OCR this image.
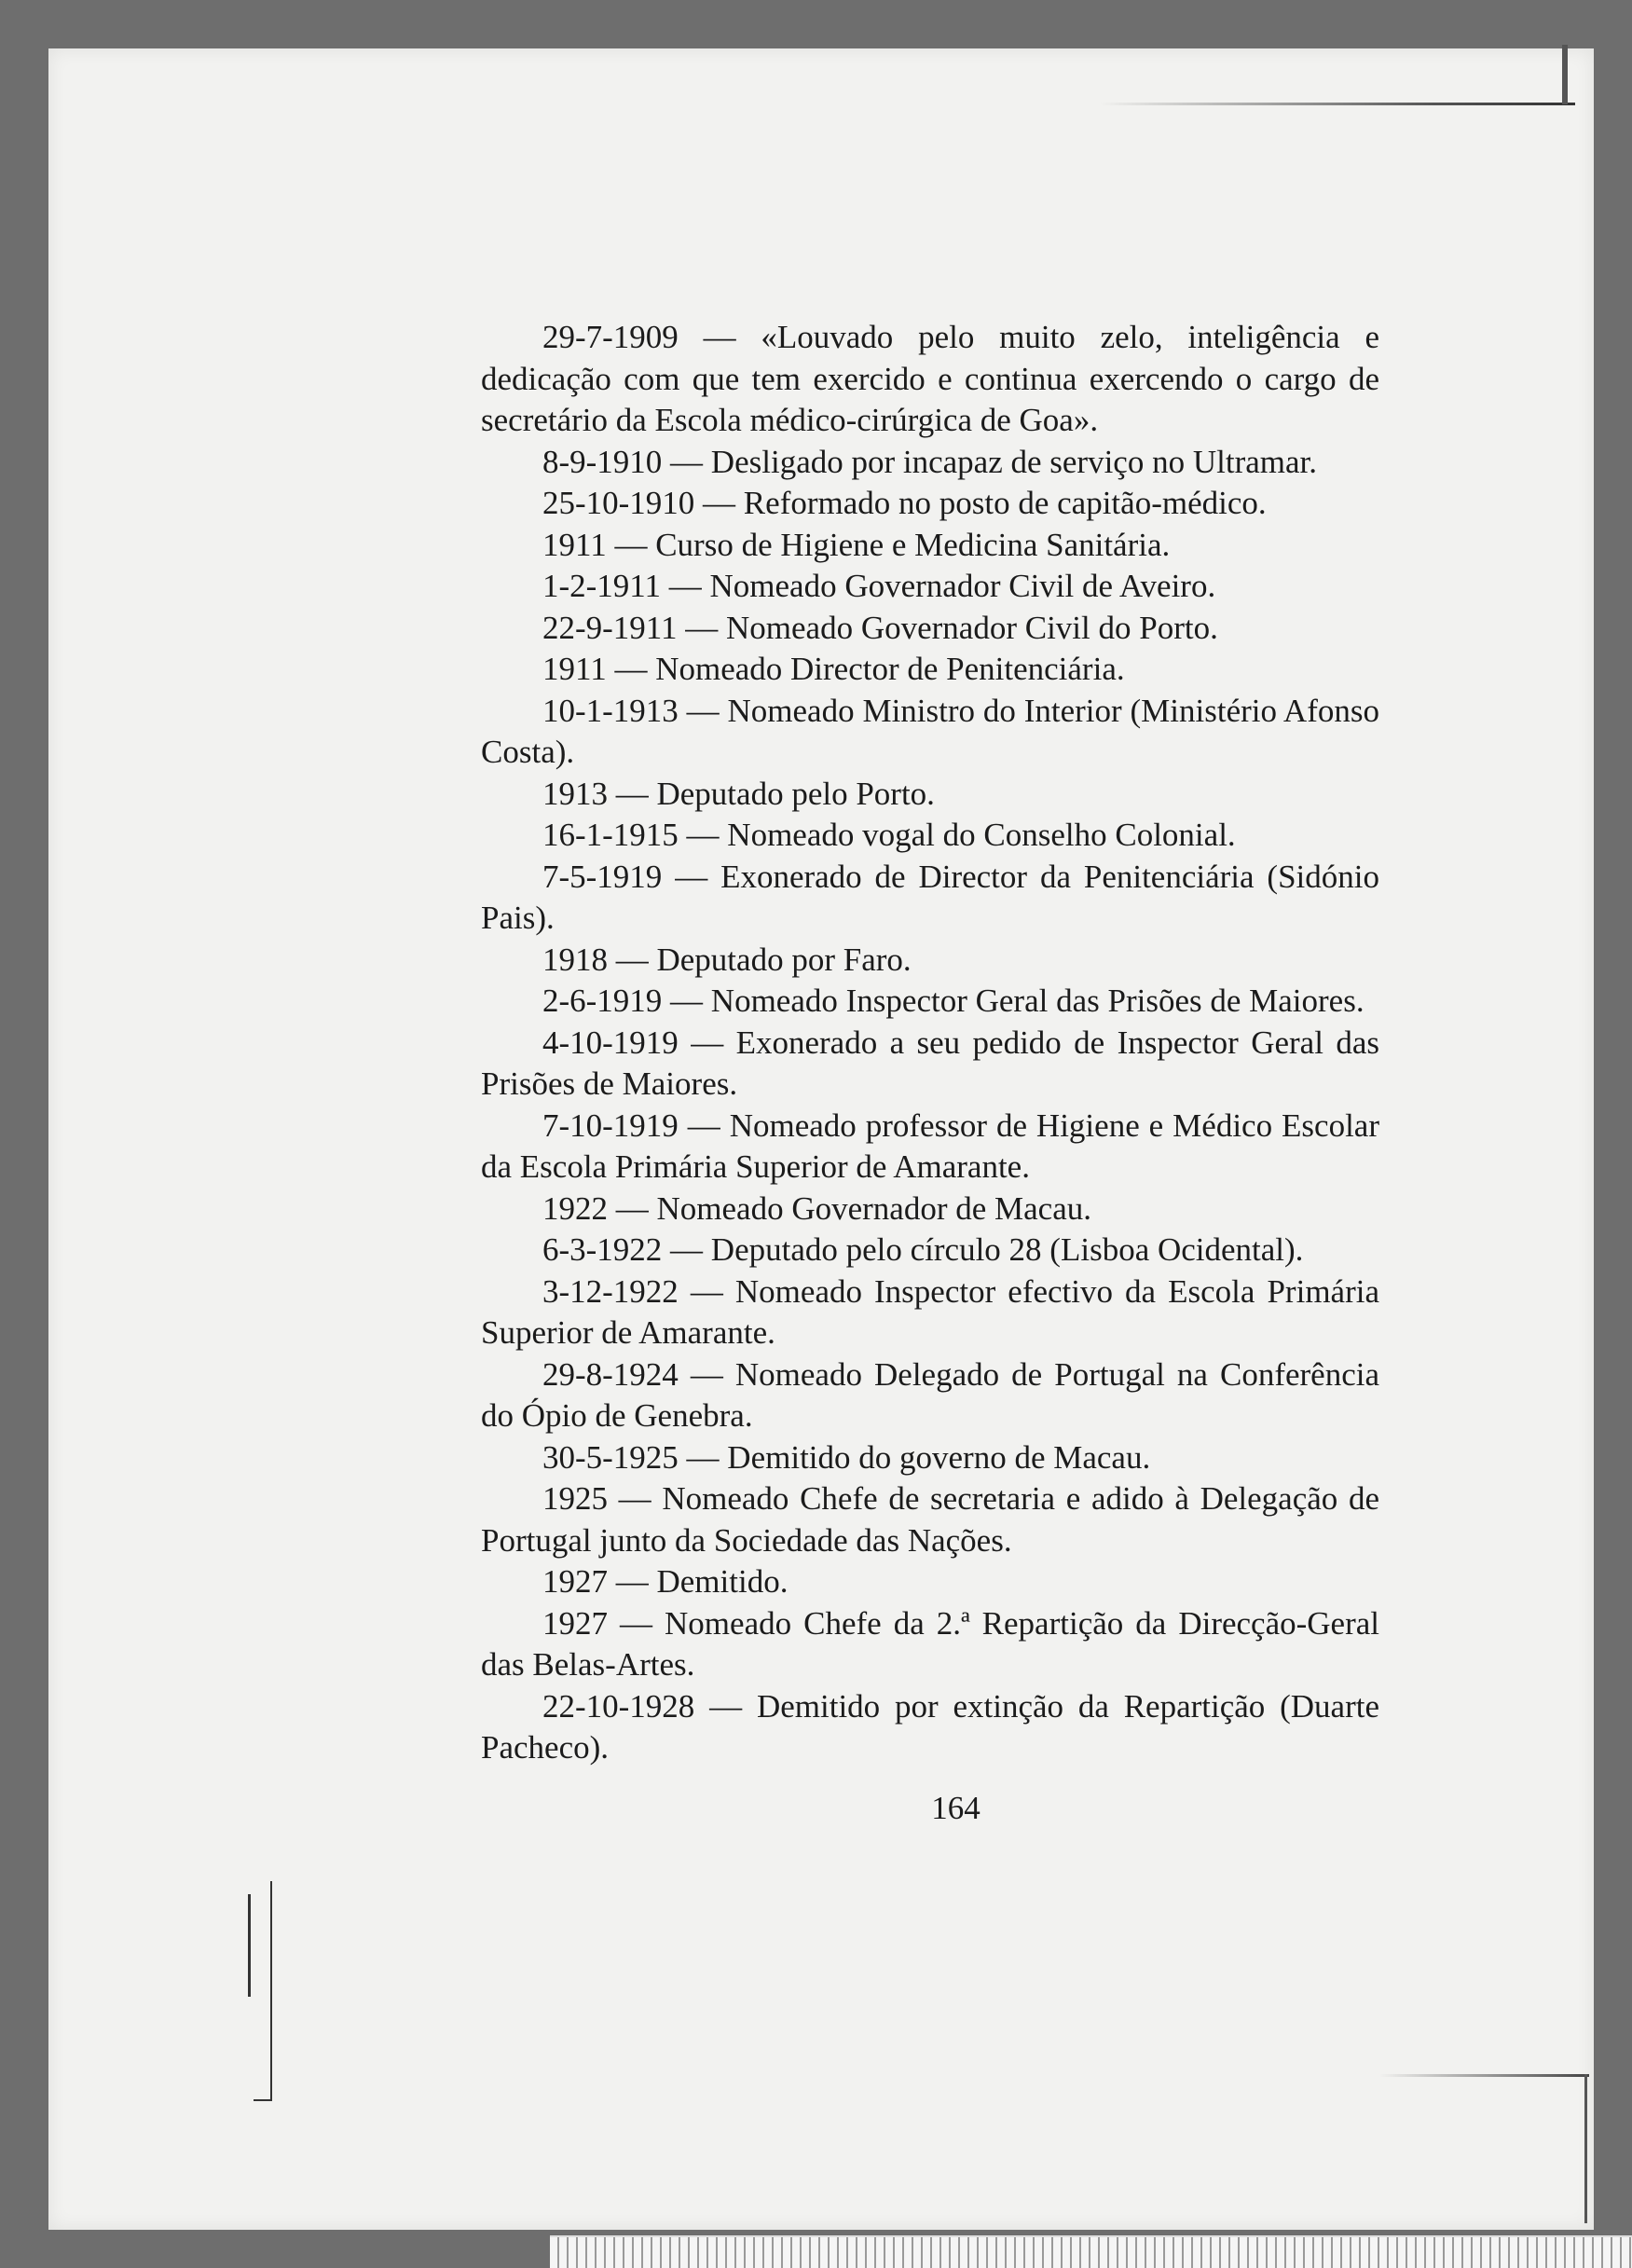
29-7-1909 — «Louvado pelo muito zelo, inteligência e dedicação com que tem exercido e continua exercendo o cargo de secretário da Escola médico-cirúrgica de Goa».

8-9-1910 — Desligado por incapaz de serviço no Ultramar.

25-10-1910 — Reformado no posto de capitão-médico.

1911 — Curso de Higiene e Medicina Sanitária.

1-2-1911 — Nomeado Governador Civil de Aveiro.

22-9-1911 — Nomeado Governador Civil do Porto.

1911 — Nomeado Director de Penitenciária.

10-1-1913 — Nomeado Ministro do Interior (Ministério Afonso Costa).

1913 — Deputado pelo Porto.

16-1-1915 — Nomeado vogal do Conselho Colonial.

7-5-1919 — Exonerado de Director da Penitenciária (Sidónio Pais).

1918 — Deputado por Faro.

2-6-1919 — Nomeado Inspector Geral das Prisões de Maiores.

4-10-1919 — Exonerado a seu pedido de Inspector Geral das Prisões de Maiores.

7-10-1919 — Nomeado professor de Higiene e Médico Escolar da Escola Primária Superior de Amarante.

1922 — Nomeado Governador de Macau.

6-3-1922 — Deputado pelo círculo 28 (Lisboa Ocidental).

3-12-1922 — Nomeado Inspector efectivo da Escola Primária Superior de Amarante.

29-8-1924 — Nomeado Delegado de Portugal na Conferência do Ópio de Genebra.

30-5-1925 — Demitido do governo de Macau.

1925 — Nomeado Chefe de secretaria e adido à Delegação de Portugal junto da Sociedade das Nações.

1927 — Demitido.

1927 — Nomeado Chefe da 2.ª Repartição da Direcção-Geral das Belas-Artes.

22-10-1928 — Demitido por extinção da Repartição (Duarte Pacheco).

164
